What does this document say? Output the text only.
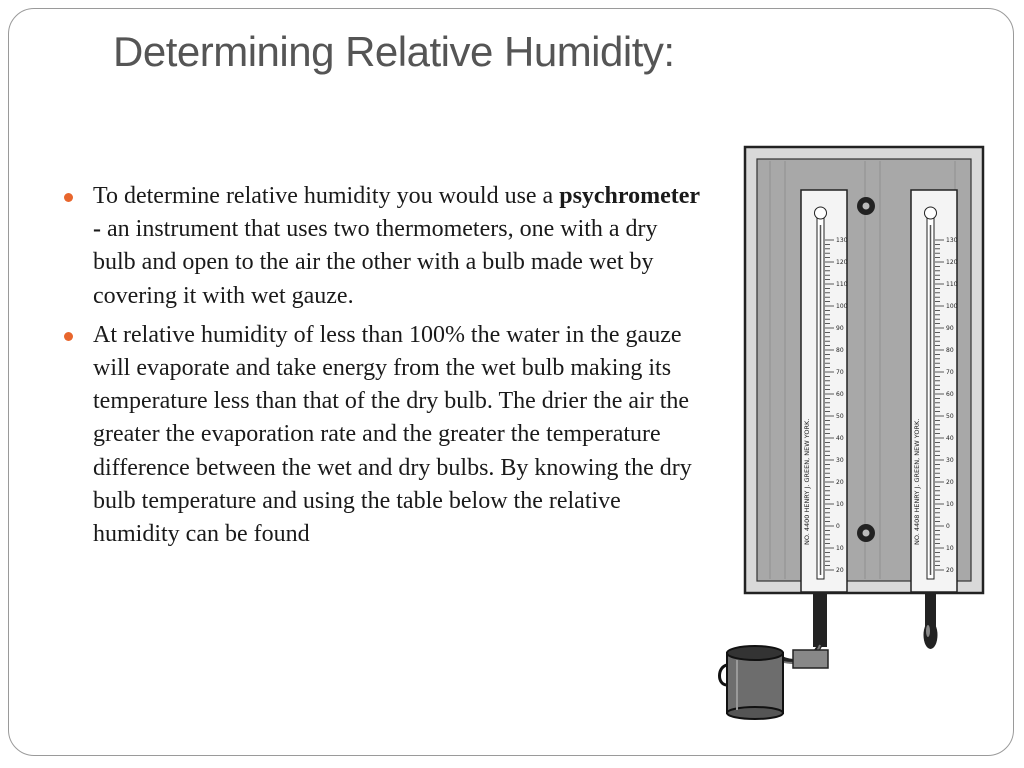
Determining Relative Humidity:
To determine relative humidity you would use a psychrometer - an instrument that uses two thermometers, one with a dry bulb and open to the air the other with a bulb made wet by covering it with wet gauze.
At relative humidity of less than 100% the water in the gauze will evaporate and take energy from the wet bulb making its temperature less than that of the dry bulb. The drier the air the greater the evaporation rate and the greater the temperature difference between the wet and dry bulbs. By knowing the dry bulb temperature and using the table below the relative humidity can be found	NO. 4400 HENRY J. GREEN, NEW YORK.
130
120
110
100
90
80
70
60
50
40
30
20
10
0
10
20
NO. 4408 HENRY J. GREEN, NEW YORK.
130
120
110
100
90
80
70
60
50
40
30
20
10
0
10
20
